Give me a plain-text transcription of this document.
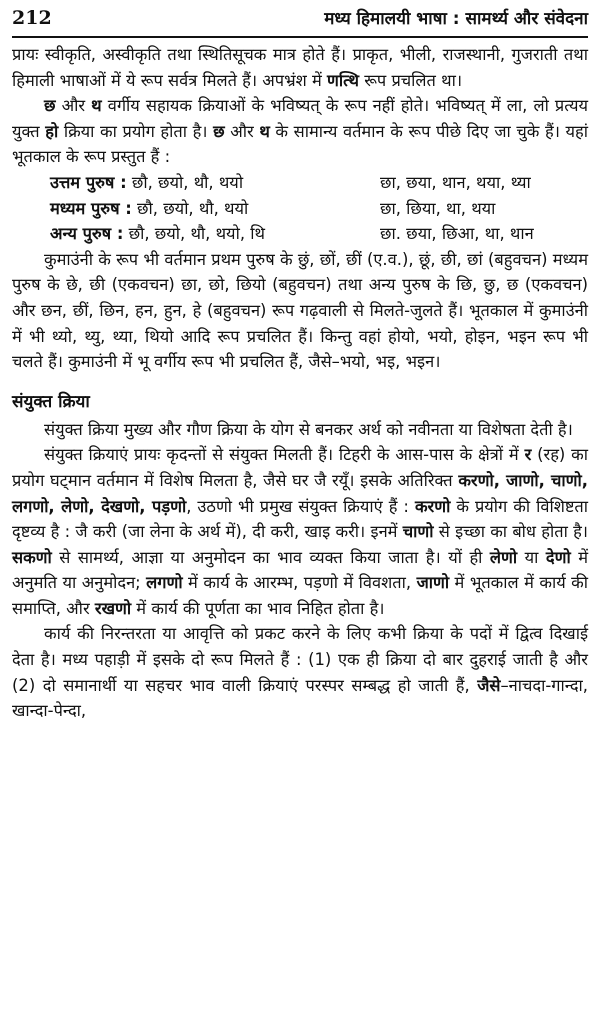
212	मध्य हिमालयी भाषा : सामर्थ्य और संवेदना

प्रायः स्वीकृति, अस्वीकृति तथा स्थितिसूचक मात्र होते हैं। प्राकृत, भीली, राजस्थानी, गुजराती तथा हिमाली भाषाओं में ये रूप सर्वत्र मिलते हैं। अपभ्रंश में णत्थि रूप प्रचलित था।

छ और थ वर्गीय सहायक क्रियाओं के भविष्यत् के रूप नहीं होते। भविष्यत् में ला, लो प्रत्यय युक्त हो क्रिया का प्रयोग होता है। छ और थ के सामान्य वर्तमान के रूप पीछे दिए जा चुके हैं। यहां भूतकाल के रूप प्रस्तुत हैं :

उत्तम पुरुष : छौ, छयो, थौ, थयो	छा, छया, थान, थया, थ्या
मध्यम पुरुष : छौ, छयो, थौ, थयो	छा, छिया, था, थया
अन्य पुरुष : छौ, छयो, थौ, थयो, थि	छा. छया, छिआ, था, थान

कुमाउंनी के रूप भी वर्तमान प्रथम पुरुष के छुं, छों, छीं (ए.व.), छूं, छी, छां (बहुवचन) मध्यम पुरुष के छे, छी (एकवचन) छा, छो, छियो (बहुवचन) तथा अन्य पुरुष के छि, छु, छ (एकवचन) और छन, छीं, छिन, हन, हुन, हे (बहुवचन) रूप गढ़वाली से मिलते-जुलते हैं। भूतकाल में कुमाउंनी में भी थ्यो, थ्यु, थ्या, थियो आदि रूप प्रचलित हैं। किन्तु वहां होयो, भयो, होइन, भइन रूप भी चलते हैं। कुमाउंनी में भू वर्गीय रूप भी प्रचलित हैं, जैसे–भयो, भइ, भइन।

संयुक्त क्रिया

संयुक्त क्रिया मुख्य और गौण क्रिया के योग से बनकर अर्थ को नवीनता या विशेषता देती है।

संयुक्त क्रियाएं प्रायः कृदन्तों से संयुक्त मिलती हैं। टिहरी के आस-पास के क्षेत्रों में र (रह) का प्रयोग घट्मान वर्तमान में विशेष मिलता है, जैसे घर जै रयूँ। इसके अतिरिक्त करणो, जाणो, चाणो, लगणो, लेणो, देखणो, पड़णो, उठणो भी प्रमुख संयुक्त क्रियाएं हैं : करणो के प्रयोग की विशिष्टता दृष्टव्य है : जै करी (जा लेना के अर्थ में), दी करी, खाइ करी। इनमें चाणो से इच्छा का बोध होता है। सकणो से सामर्थ्य, आज्ञा या अनुमोदन का भाव व्यक्त किया जाता है। यों ही लेणो या देणो में अनुमति या अनुमोदन; लगणो में कार्य के आरम्भ, पड़णो में विवशता, जाणो में भूतकाल में कार्य की समाप्ति, और रखणो में कार्य की पूर्णता का भाव निहित होता है।

कार्य की निरन्तरता या आवृत्ति को प्रकट करने के लिए कभी क्रिया के पदों में द्वित्व दिखाई देता है। मध्य पहाड़ी में इसके दो रूप मिलते हैं : (1) एक ही क्रिया दो बार दुहराई जाती है और (2) दो समानार्थी या सहचर भाव वाली क्रियाएं परस्पर सम्बद्ध हो जाती हैं, जैसे–नाचदा-गान्दा, खान्दा-पेन्दा,
